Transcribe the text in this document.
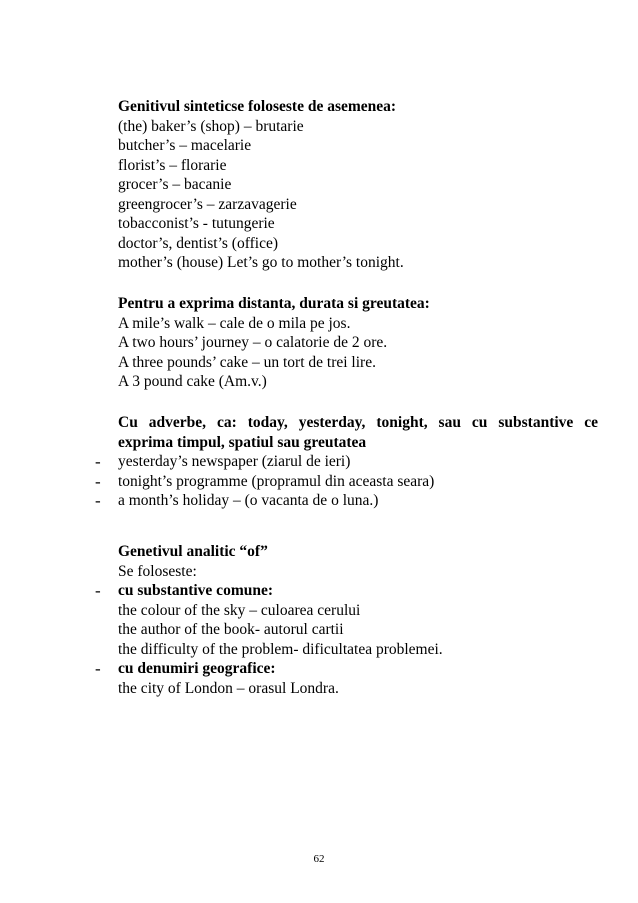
Genitivul sinteticse foloseste de asemenea:
(the) baker’s (shop) – brutarie
butcher’s – macelarie
florist’s – florarie
grocer’s – bacanie
greengrocer’s – zarzavagerie
tobacconist’s - tutungerie
doctor’s, dentist’s (office)
mother’s (house) Let’s go to mother’s tonight.
Pentru a exprima distanta, durata si greutatea:
A mile’s walk – cale de o mila pe jos.
A two hours’ journey – o calatorie de 2 ore.
A three pounds’ cake – un tort de trei lire.
A 3 pound cake (Am.v.)
Cu adverbe, ca: today, yesterday, tonight, sau cu substantive ce
exprima timpul, spatiul sau greutatea
- yesterday’s newspaper (ziarul de ieri)
- tonight’s programme (propramul din aceasta seara)
- a month’s holiday – (o vacanta de o luna.)
Genetivul analitic “of”
Se foloseste:
- cu substantive comune:
the colour of the sky – culoarea cerului
the author of the book- autorul cartii
the difficulty of the problem- dificultatea problemei.
- cu denumiri geografice:
the city of London – orasul Londra.
62
